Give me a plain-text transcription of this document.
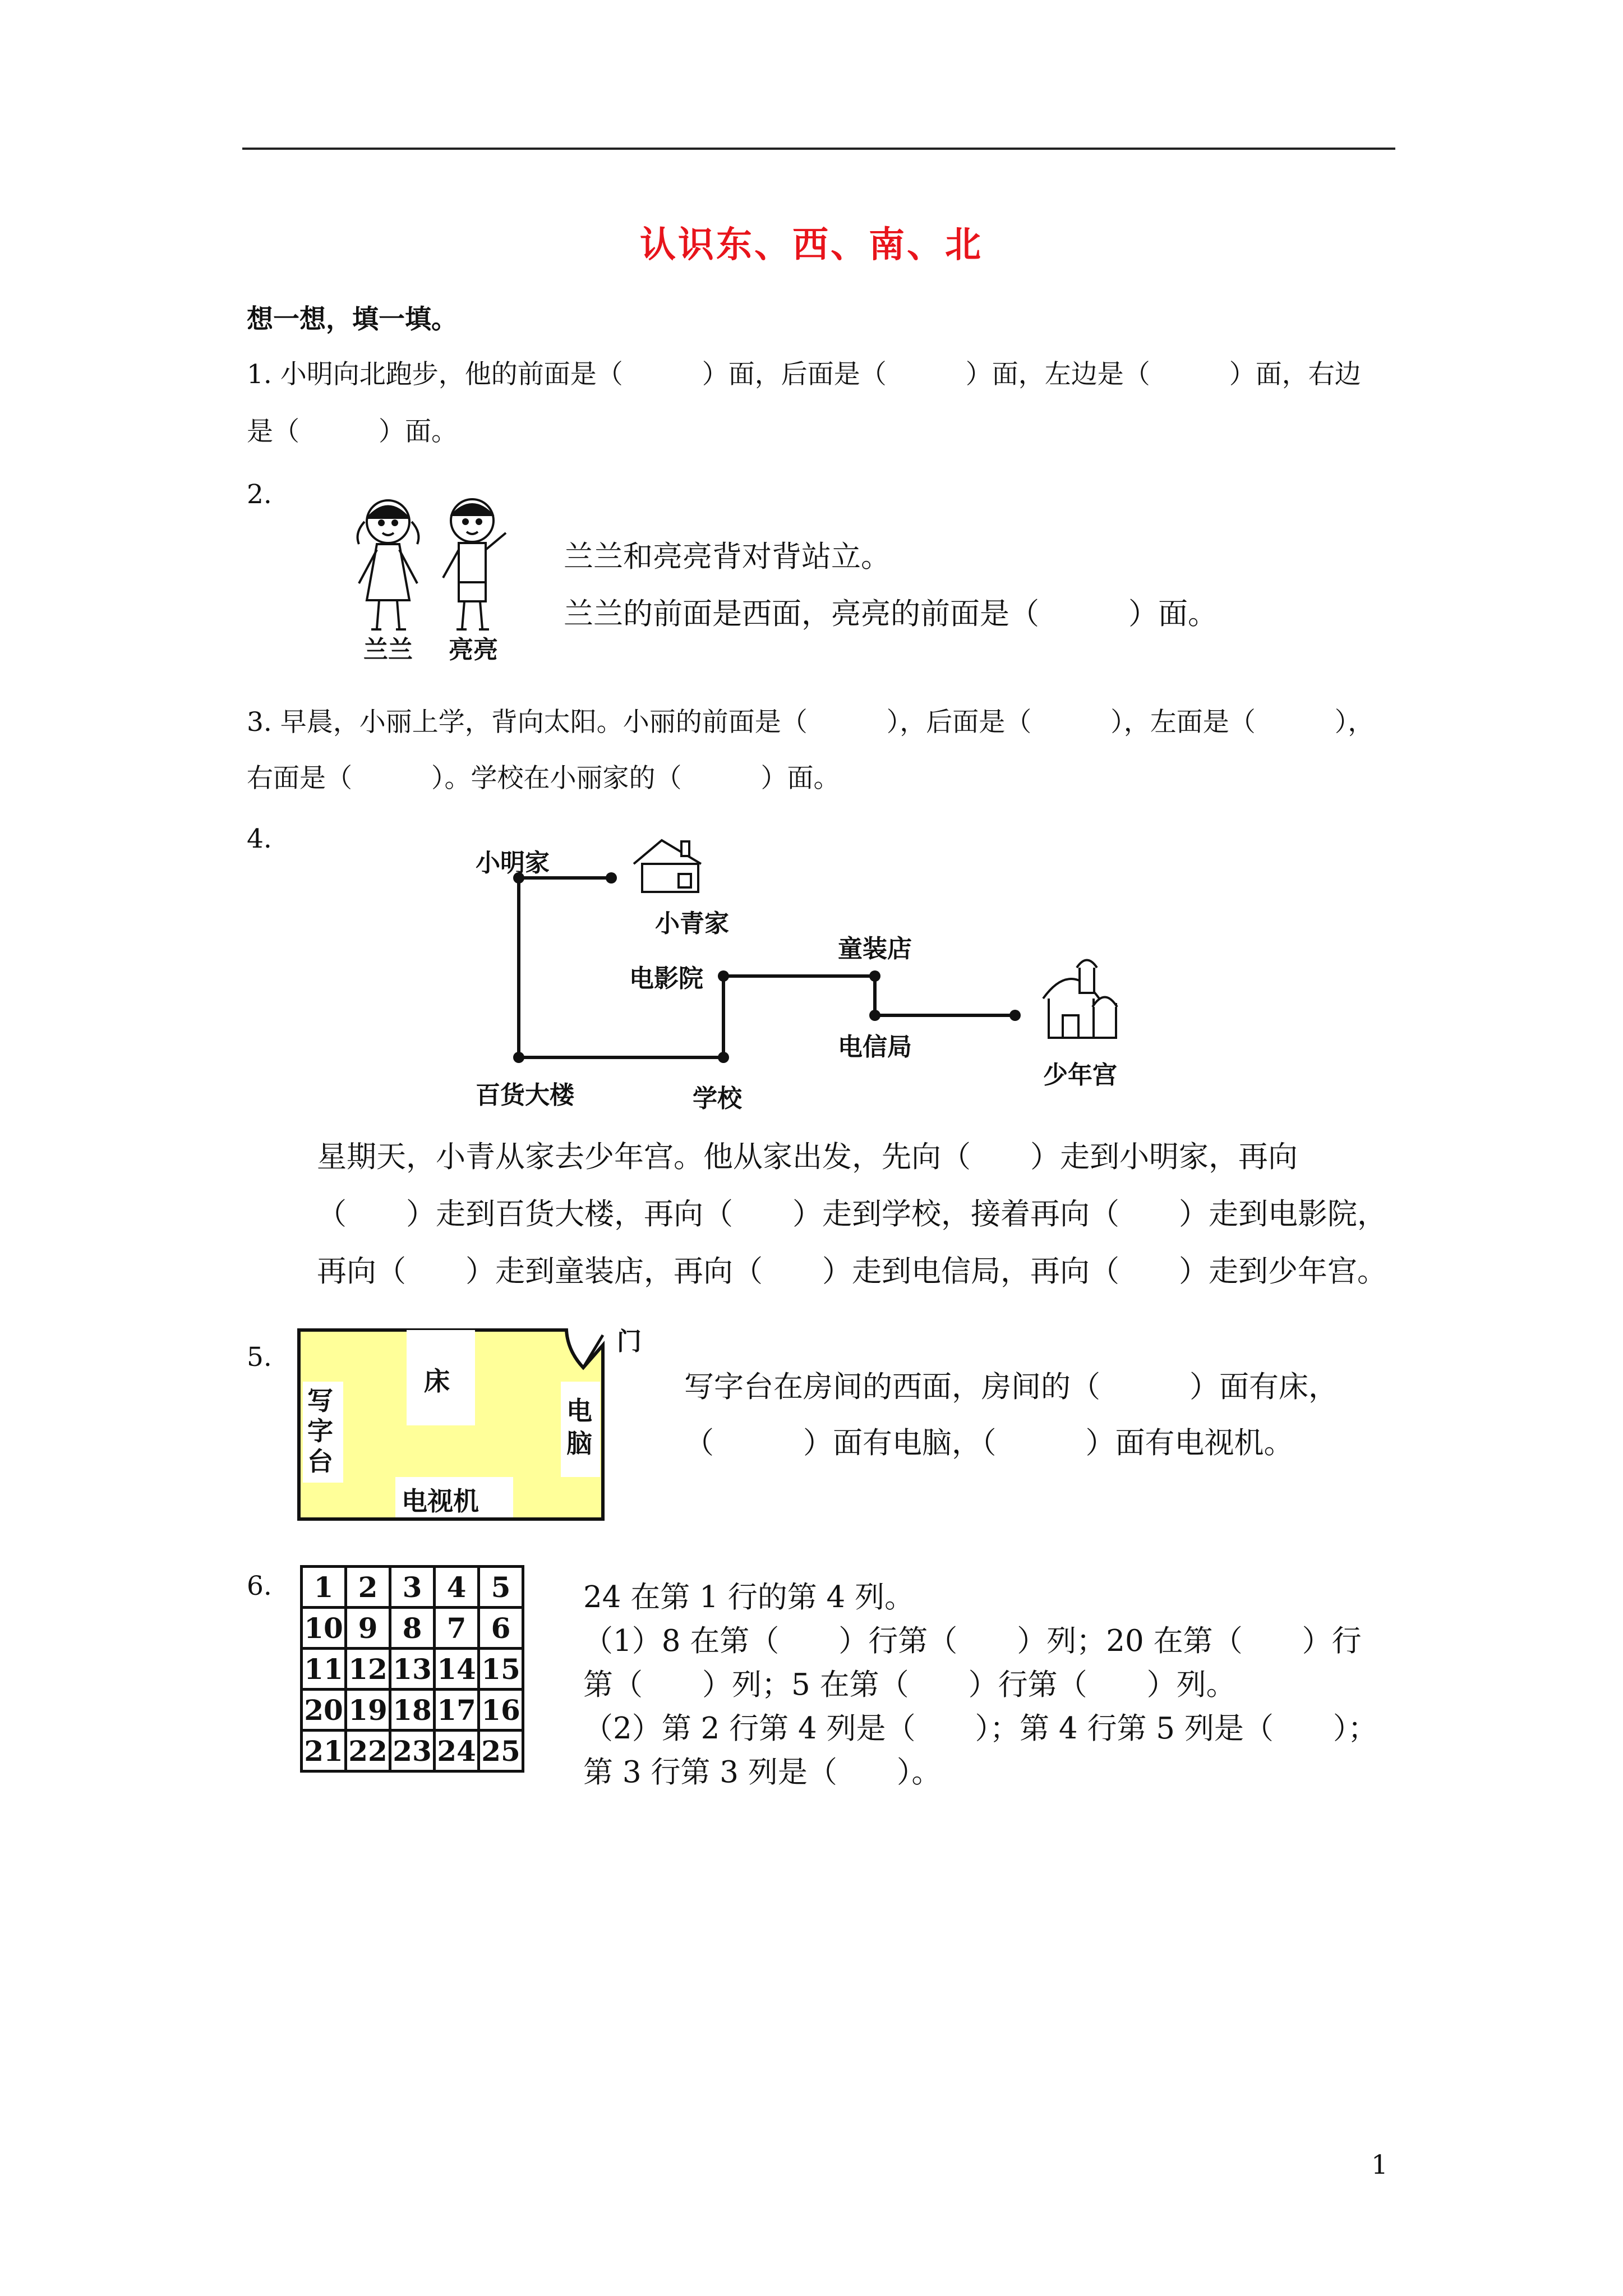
认识东、西、南、北
想一想，填一填。
1. 小明向北跑步，他的前面是（　　　）面，后面是（　　　）面，左边是（　　　）面，右边
是（　　　）面。
2.
兰兰 亮亮
兰兰和亮亮背对背站立。
兰兰的前面是西面，亮亮的前面是（　　　）面。
3. 早晨，小丽上学，背向太阳。小丽的前面是（　　　），后面是（　　　），左面是（　　　），
右面是（　　　）。学校在小丽家的（　　　）面。
4.
小明家
小青家
电影院
童装店
电信局
少年宫
百货大楼	学校
星期天，小青从家去少年宫。他从家出发，先向（　　）走到小明家，再向
（　　）走到百货大楼，再向（　　）走到学校，接着再向（　　）走到电影院，
再向（　　）走到童装店，再向（　　）走到电信局，再向（　　）走到少年宫。
5.
床
写字台
电脑
电视机
门
写字台在房间的西面，房间的（　　　）面有床，
（　　　）面有电脑，（　　　）面有电视机。
6. 1	2	3	4	5
10	9	8	7	6
11	12	13	14	15
20	19	18	17	16
21	22	23	24	25
24 在第 1 行的第 4 列。
（1）8 在第（　　）行第（　　）列；20 在第（　　）行
第（　　）列；5 在第（　　）行第（　　）列。
（2）第 2 行第 4 列是（　　）；第 4 行第 5 列是（　　）；
第 3 行第 3 列是（　　）。
1
